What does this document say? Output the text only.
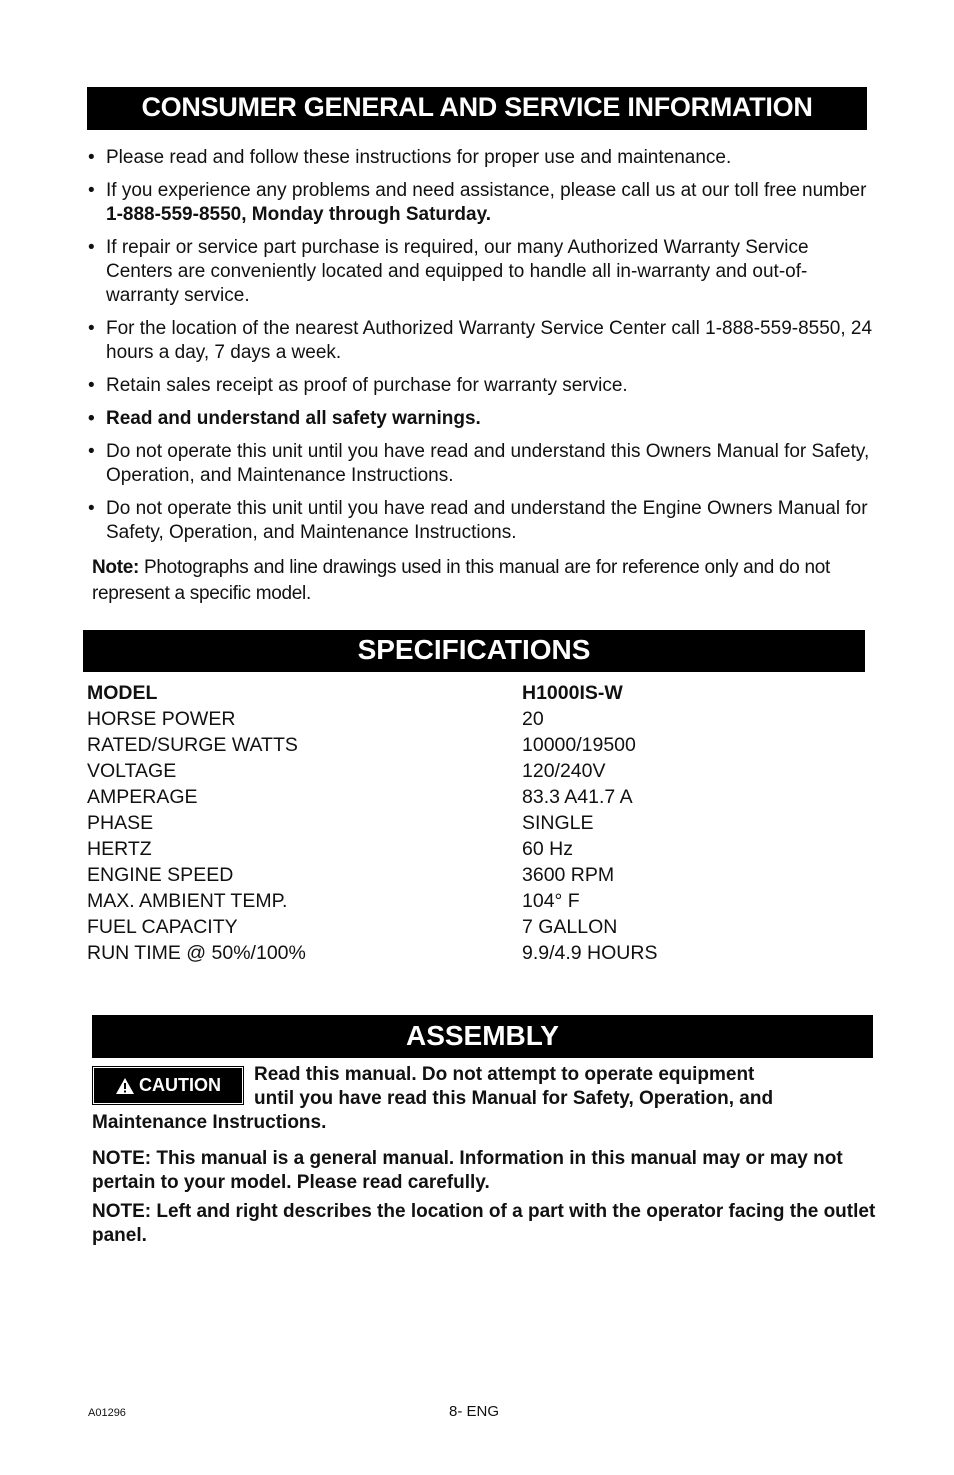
CONSUMER GENERAL AND SERVICE INFORMATION
• Please read and follow these instructions for proper use and maintenance.
• If you experience any problems and need assistance, please call us at our toll free number 1-888-559-8550, Monday through Saturday.
• If repair or service part purchase is required, our many Authorized Warranty Service Centers are conveniently located and equipped to handle all in-warranty and out-of-warranty service.
• For the location of the nearest Authorized Warranty Service Center call 1-888-559-8550, 24 hours a day, 7 days a week.
• Retain sales receipt as proof of purchase for warranty service.
• Read and understand all safety warnings.
• Do not operate this unit until you have read and understand this Owners Manual for Safety, Operation, and Maintenance Instructions.
• Do not operate this unit until you have read and understand the Engine Owners Manual for Safety, Operation, and Maintenance Instructions.
Note: Photographs and line drawings used in this manual are for reference only and do not represent a specific model.
SPECIFICATIONS
MODEL	H1000IS-W
HORSE POWER	20
RATED/SURGE WATTS	10000/19500
VOLTAGE	120/240V
AMPERAGE	83.3 A41.7 A
PHASE	SINGLE
HERTZ	60 Hz
ENGINE SPEED	3600 RPM
MAX. AMBIENT TEMP.	104° F
FUEL CAPACITY	7 GALLON
RUN TIME @ 50%/100%	9.9/4.9 HOURS
ASSEMBLY
CAUTION Read this manual. Do not attempt to operate equipment
until you have read this Manual for Safety, Operation, and
Maintenance Instructions.
NOTE: This manual is a general manual. Information in this manual may or may not pertain to your model. Please read carefully.
NOTE: Left and right describes the location of a part with the operator facing the outlet panel.
A01296	8- ENG
